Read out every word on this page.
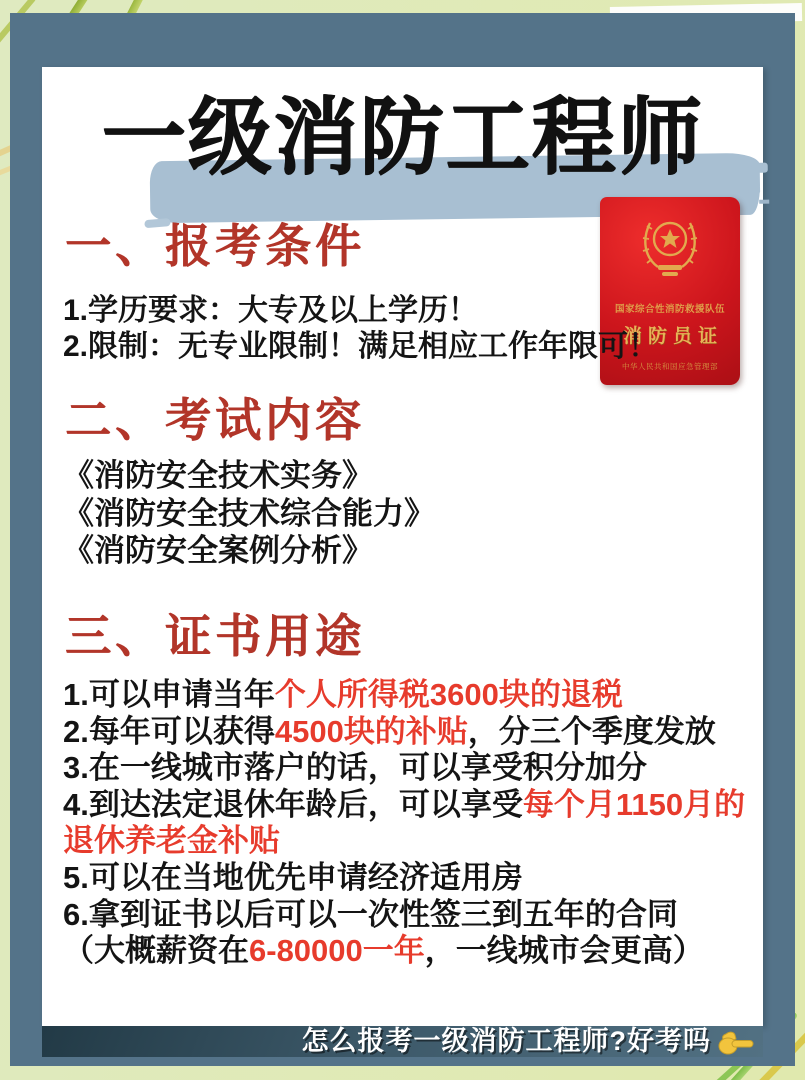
一级消防工程师
国家综合性消防救援队伍
消防员证
中华人民共和国应急管理部
一、报考条件

1.学历要求：大专及以上学历！

2.限制：无专业限制！满足相应工作年限可！

二、考试内容

《消防安全技术实务》

《消防安全技术综合能力》

《消防安全案例分析》

三、证书用途

1.可以申请当年个人所得税3600块的退税

2.每年可以获得4500块的补贴，分三个季度发放

3.在一线城市落户的话，可以享受积分加分

4.到达法定退休年龄后，可以享受每个月1150月的退休养老金补贴

5.可以在当地优先申请经济适用房

6.拿到证书以后可以一次性签三到五年的合同

（大概薪资在6-80000一年，一线城市会更高）

怎么报考一级消防工程师?好考吗
